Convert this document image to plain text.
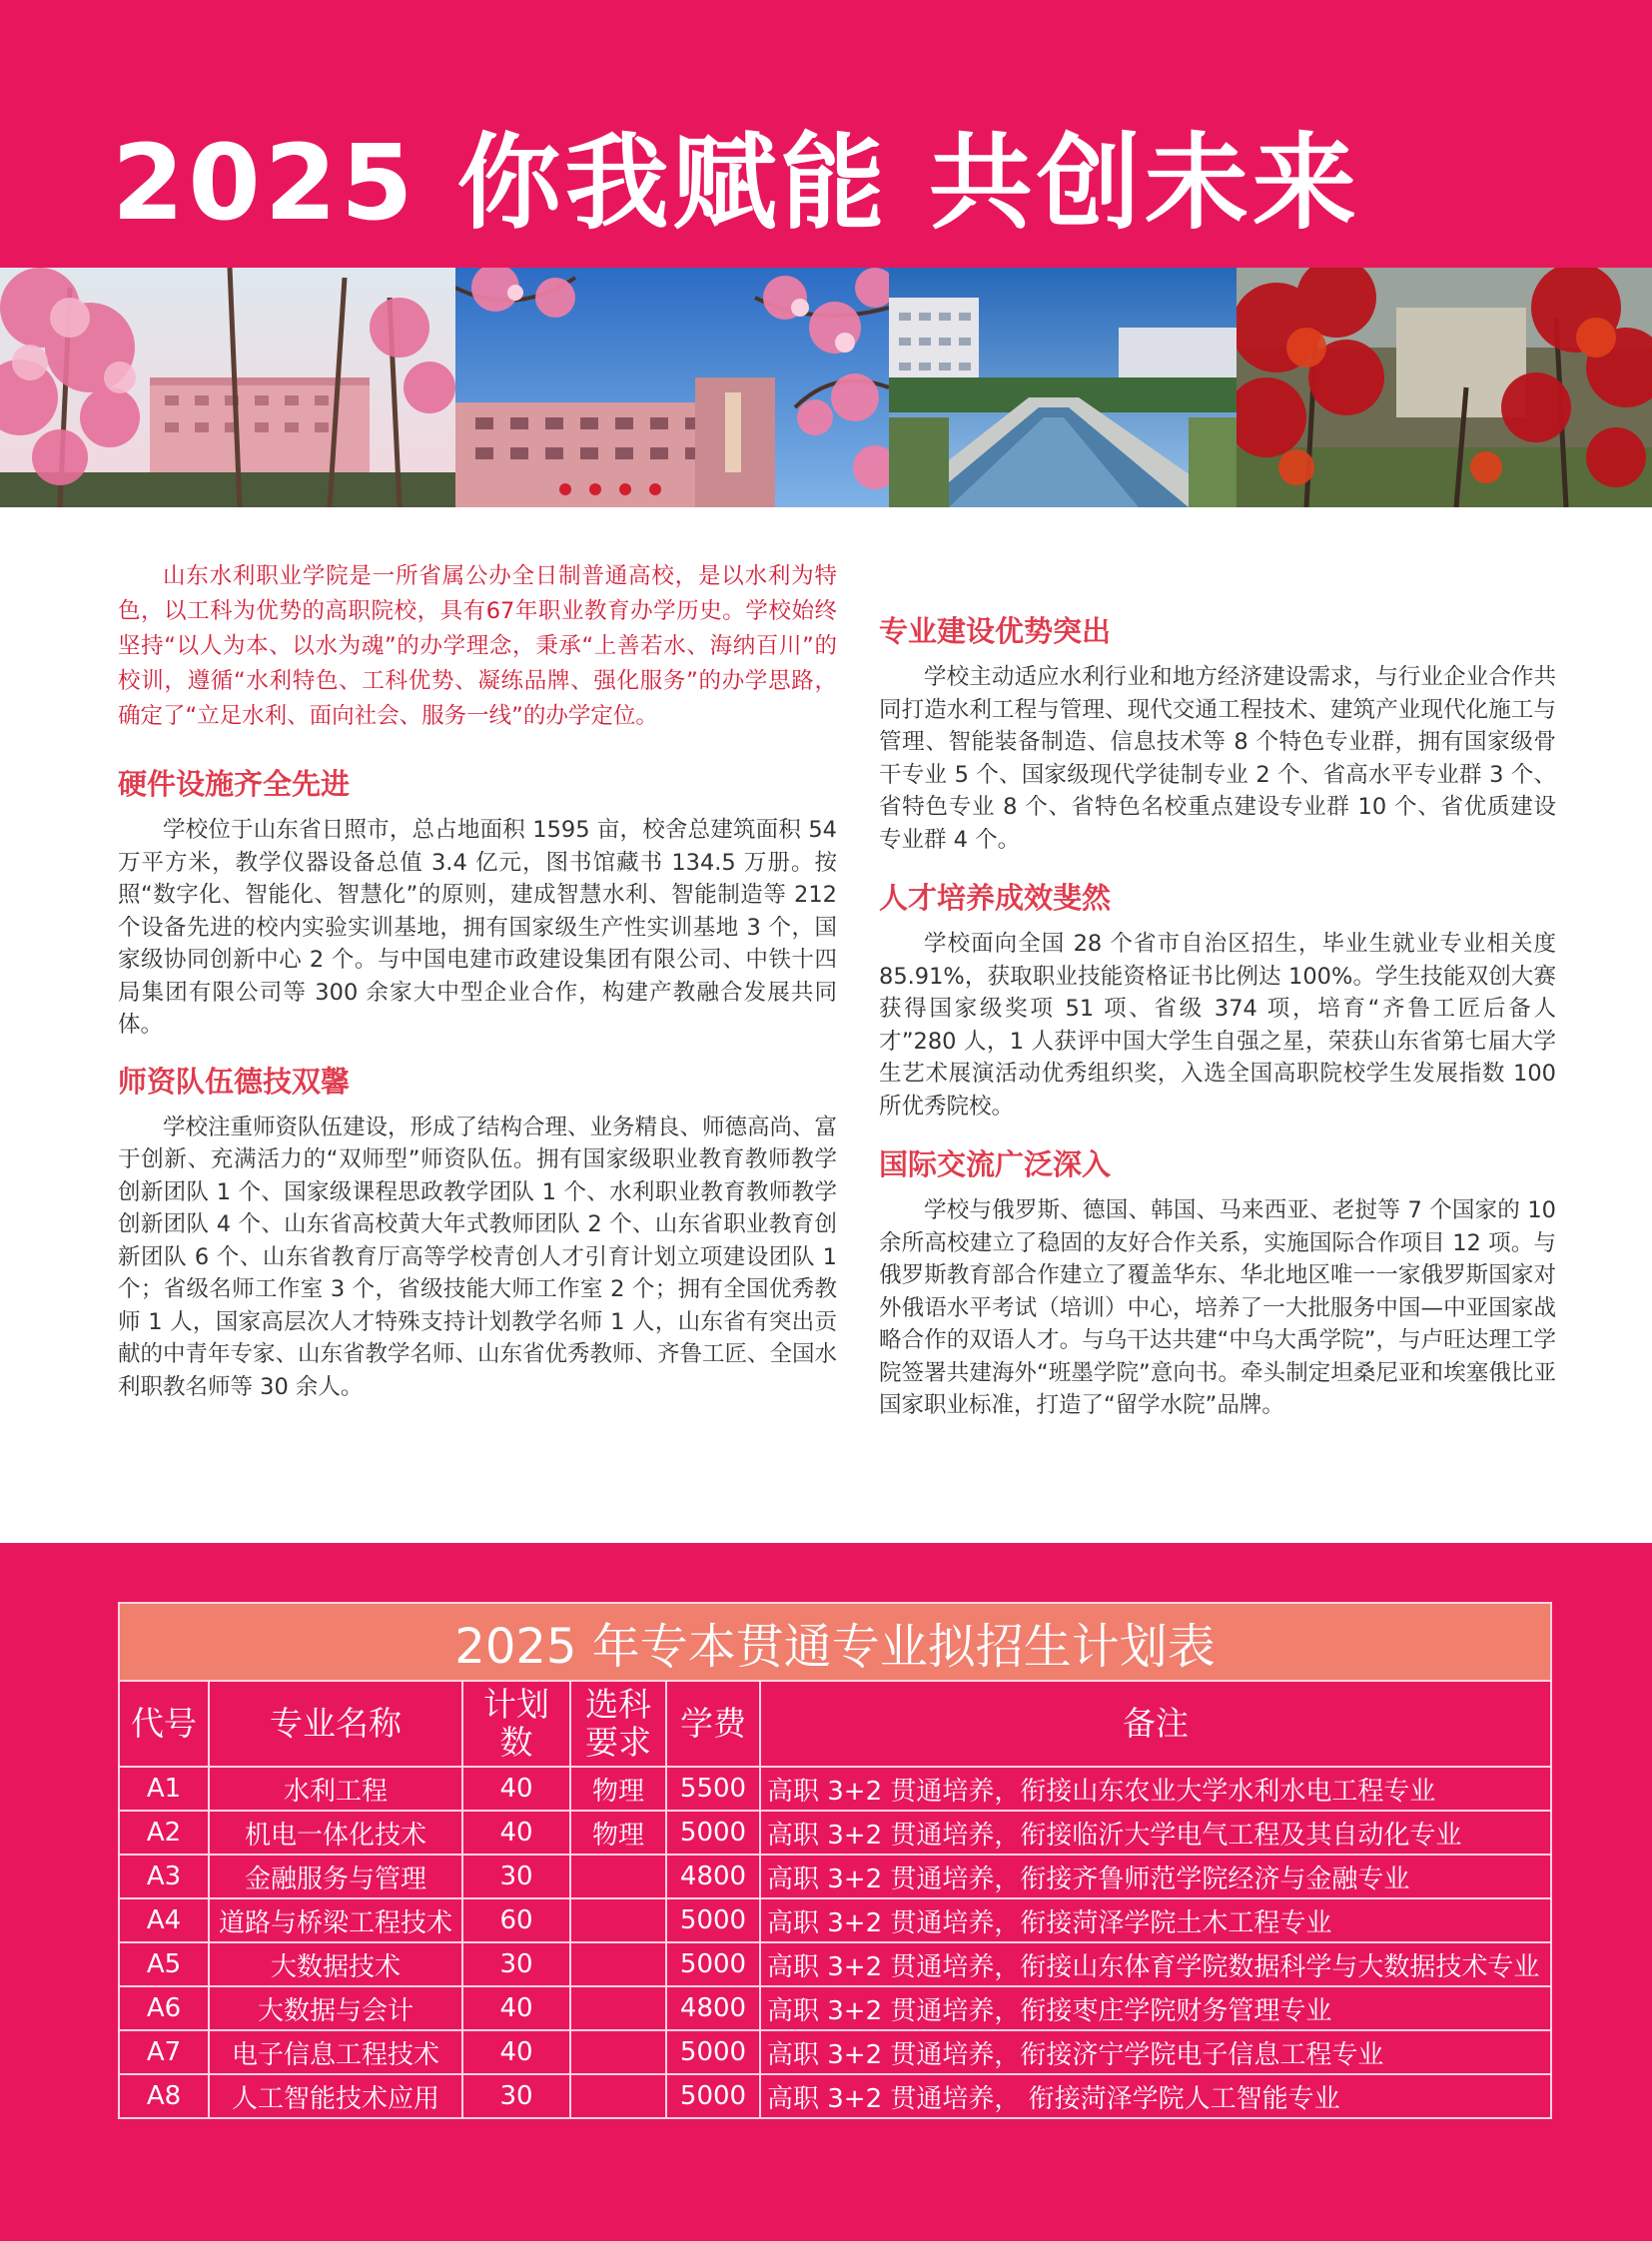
2025 你我赋能 共创未来

山东水利职业学院是一所省属公办全日制普通高校，是以水利为特色，以工科为优势的高职院校，具有67年职业教育办学历史。学校始终坚持“以人为本、以水为魂”的办学理念，秉承“上善若水、海纳百川”的校训，遵循“水利特色、工科优势、凝练品牌、强化服务”的办学思路，确定了“立足水利、面向社会、服务一线”的办学定位。

硬件设施齐全先进

学校位于山东省日照市，总占地面积 1595 亩，校舍总建筑面积 54 万平方米，教学仪器设备总值 3.4 亿元，图书馆藏书 134.5 万册。按照“数字化、智能化、智慧化”的原则，建成智慧水利、智能制造等 212 个设备先进的校内实验实训基地，拥有国家级生产性实训基地 3 个，国家级协同创新中心 2 个。与中国电建市政建设集团有限公司、中铁十四局集团有限公司等 300 余家大中型企业合作，构建产教融合发展共同体。

师资队伍德技双馨

学校注重师资队伍建设，形成了结构合理、业务精良、师德高尚、富于创新、充满活力的“双师型”师资队伍。拥有国家级职业教育教师教学创新团队 1 个、国家级课程思政教学团队 1 个、水利职业教育教师教学创新团队 4 个、山东省高校黄大年式教师团队 2 个、山东省职业教育创新团队 6 个、山东省教育厅高等学校青创人才引育计划立项建设团队 1 个；省级名师工作室 3 个，省级技能大师工作室 2 个；拥有全国优秀教师 1 人，国家高层次人才特殊支持计划教学名师 1 人，山东省有突出贡献的中青年专家、山东省教学名师、山东省优秀教师、齐鲁工匠、全国水利职教名师等 30 余人。

专业建设优势突出

学校主动适应水利行业和地方经济建设需求，与行业企业合作共同打造水利工程与管理、现代交通工程技术、建筑产业现代化施工与管理、智能装备制造、信息技术等 8 个特色专业群，拥有国家级骨干专业 5 个、国家级现代学徒制专业 2 个、省高水平专业群 3 个、省特色专业 8 个、省特色名校重点建设专业群 10 个、省优质建设专业群 4 个。

人才培养成效斐然

学校面向全国 28 个省市自治区招生，毕业生就业专业相关度 85.91%，获取职业技能资格证书比例达 100%。学生技能双创大赛获得国家级奖项 51 项、省级 374 项，培育“齐鲁工匠后备人才”280 人，1 人获评中国大学生自强之星，荣获山东省第七届大学生艺术展演活动优秀组织奖，入选全国高职院校学生发展指数 100 所优秀院校。

国际交流广泛深入

学校与俄罗斯、德国、韩国、马来西亚、老挝等 7 个国家的 10 余所高校建立了稳固的友好合作关系，实施国际合作项目 12 项。与俄罗斯教育部合作建立了覆盖华东、华北地区唯一一家俄罗斯国家对外俄语水平考试（培训）中心，培养了一大批服务中国—中亚国家战略合作的双语人才。与乌干达共建“中乌大禹学院”，与卢旺达理工学院签署共建海外“班墨学院”意向书。牵头制定坦桑尼亚和埃塞俄比亚国家职业标准，打造了“留学水院”品牌。

2025 年专本贯通专业拟招生计划表					
代号	专业名称	计划数	选科要求	学费	备注
A1	水利工程	40	物理	5500	高职 3+2 贯通培养，衔接山东农业大学水利水电工程专业
A2	机电一体化技术	40	物理	5000	高职 3+2 贯通培养，衔接临沂大学电气工程及其自动化专业
A3	金融服务与管理	30		4800	高职 3+2 贯通培养，衔接齐鲁师范学院经济与金融专业
A4	道路与桥梁工程技术	60		5000	高职 3+2 贯通培养，衔接菏泽学院土木工程专业
A5	大数据技术	30		5000	高职 3+2 贯通培养，衔接山东体育学院数据科学与大数据技术专业
A6	大数据与会计	40		4800	高职 3+2 贯通培养，衔接枣庄学院财务管理专业
A7	电子信息工程技术	40		5000	高职 3+2 贯通培养，衔接济宁学院电子信息工程专业
A8	人工智能技术应用	30		5000	高职 3+2 贯通培养， 衔接菏泽学院人工智能专业
